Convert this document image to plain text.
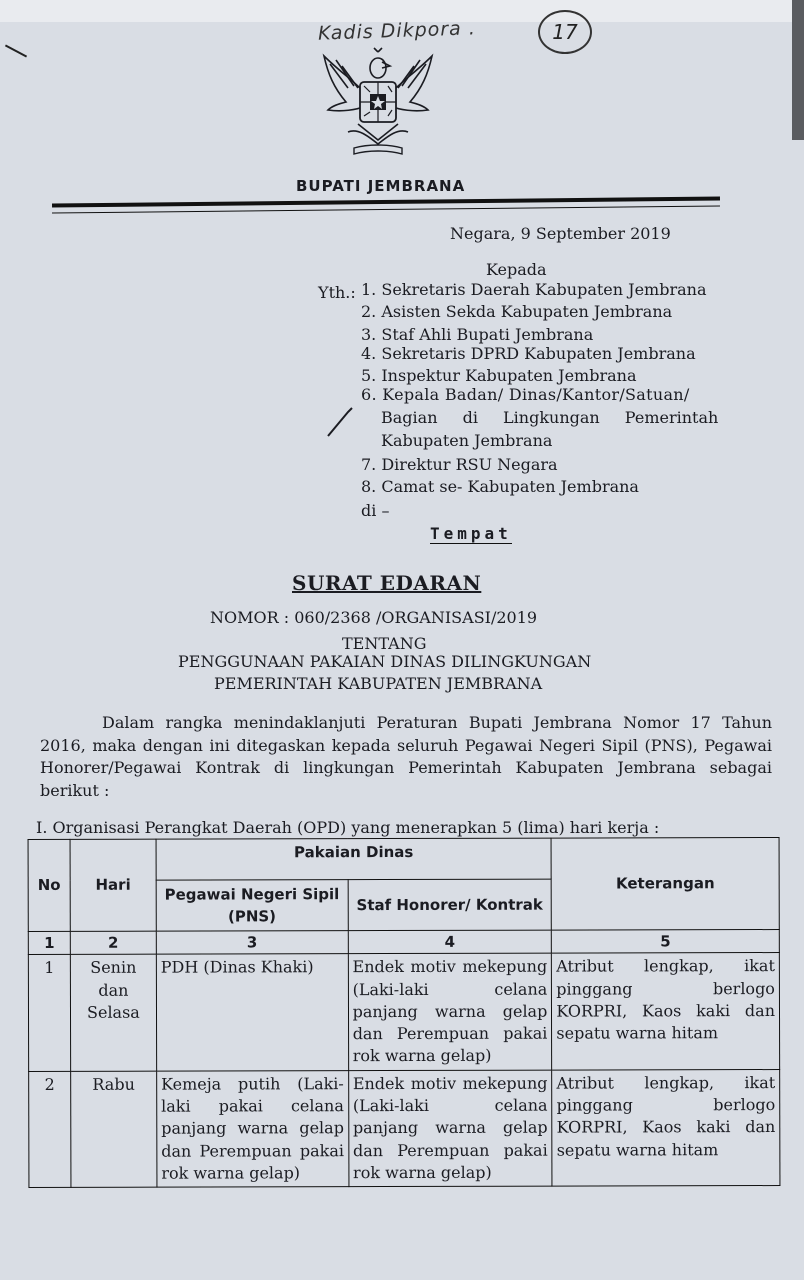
Kadis Dikpora .	17
BUPATI JEMBRANA
Negara, 9 September 2019
Kepada
Yth.: 1. Sekretaris Daerah Kabupaten Jembrana
2. Asisten Sekda Kabupaten Jembrana
3. Staf Ahli Bupati Jembrana
4. Sekretaris DPRD Kabupaten Jembrana
5. Inspektur Kabupaten Jembrana
6. Kepala Badan/ Dinas/Kantor/Satuan/
Bagian di Lingkungan Pemerintah
Kabupaten Jembrana
7. Direktur RSU Negara
8. Camat se- Kabupaten Jembrana
di –
Tempat
SURAT EDARAN
NOMOR : 060/2368 /ORGANISASI/2019
TENTANG
PENGGUNAAN PAKAIAN DINAS DILINGKUNGAN
PEMERINTAH KABUPATEN JEMBRANA
Dalam rangka menindaklanjuti Peraturan Bupati Jembrana Nomor 17 Tahun 2016, maka dengan ini ditegaskan kepada seluruh Pegawai Negeri Sipil (PNS), Pegawai Honorer/Pegawai Kontrak di lingkungan Pemerintah Kabupaten Jembrana sebagai berikut :
I. Organisasi Perangkat Daerah (OPD) yang menerapkan 5 (lima) hari kerja :
No	Hari	Pakaian Dinas		Keterangan
		Pegawai Negeri Sipil (PNS)	Staf Honorer/ Kontrak	
1	2	3	4	5
1	Senin dan Selasa	PDH (Dinas Khaki)	Endek motiv mekepung (Laki-laki celana panjang warna gelap dan Perempuan pakai rok warna gelap)	Atribut lengkap, ikat pinggang berlogo KORPRI, Kaos kaki dan sepatu warna hitam
2	Rabu	Kemeja putih (Laki- laki pakai celana panjang warna gelap dan Perempuan pakai rok warna gelap)	Endek motiv mekepung (Laki-laki celana panjang warna gelap dan Perempuan pakai rok warna gelap)	Atribut lengkap, ikat pinggang berlogo KORPRI, Kaos kaki dan sepatu warna hitam
